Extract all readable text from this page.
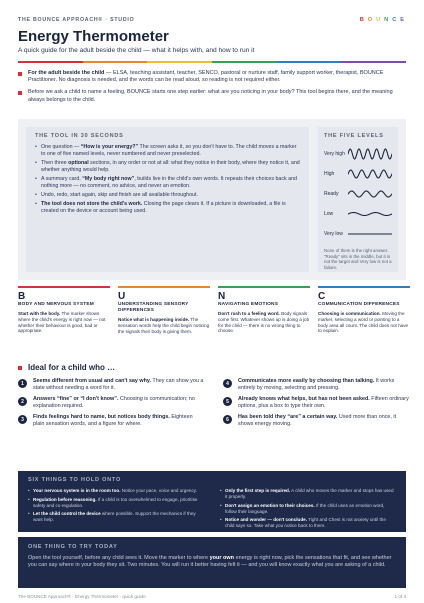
THE BOUNCE APPROACH® · STUDIO	B O U N C E
Energy Thermometer
A quick guide for the adult beside the child — what it helps with, and how to run it

For the adult beside the child — ELSA, teaching assistant, teacher, SENCO, pastoral or nurture staff, family support worker, therapist, BOUNCE Practitioner. No diagnosis is needed, and the words can be read aloud, so reading is not required either.

Before we ask a child to name a feeling, BOUNCE starts one step earlier: what are you noticing in your body? This tool begins there, and the meaning always belongs to the child.

THE TOOL IN 30 SECONDS
• One question — “How is your energy?” The screen asks it, so you don't have to. The child moves a marker to one of five named levels, never numbered and never preselected.
• Then three optional sections, in any order or not at all: what they notice in their body, where they notice it, and whether anything would help.
• A summary card, “My body right now”, builds live in the child's own words. It repeats their choices back and nothing more — no comment, no advice, and never an emotion.
• Undo, redo, start again, skip and finish are all available throughout.
• The tool does not store the child's work. Closing the page clears it. If a picture is downloaded, a file is created on the device or account being used.
THE FIVE LEVELS
Very high
High
Ready
Low
Very low
None of them is the right answer. "Ready" sits in the middle, but it is not the target and Very low is not a failure.
B
BODY AND NERVOUS SYSTEM

Start with the body. The marker shows where the child's energy is right now — not whether their behaviour is good, bad or appropriate.

U
UNDERSTANDING SENSORY DIFFERENCES

Notice what is happening inside. The sensation words help the child begin noticing the signals their body is giving them.

N
NAVIGATING EMOTIONS

Don't rush to a feeling word. Body signals come first. Whatever shows up is doing a job for the child — there is no wrong thing to choose.

C
COMMUNICATION DIFFERENCES

Choosing is communication. Moving the marker, selecting a word or pointing to a body area all count. The child does not have to explain.

Ideal for a child who …
1	Seems different from usual and can't say why. They can show you a state without needing a word for it.

4	Communicates more easily by choosing than talking. It works entirely by moving, selecting and pressing.

2	Answers “fine” or “I don't know”. Choosing is communication; no explanation required.

5	Already knows what helps, but has not been asked. Fifteen ordinary options, plus a box to type their own.

3	Finds feelings hard to name, but notices body things. Eighteen plain sensation words, and a figure for where.

6	Has been told they “are” a certain way. Used more than once, it shows energy moving.

SIX THINGS TO HOLD ONTO
• Your nervous system is in the room too. Notice your pace, voice and urgency.
• Regulation before reasoning. If a child is too overwhelmed to engage, prioritise safety and co-regulation.
• Let the child control the device where possible. Support the mechanics if they want help.
• Only the first step is required. A child who moves the marker and stops has used it properly.
• Don't assign an emotion to their choices. If the child uses an emotion word, follow their language.
• Notice and wonder — don't conclude. Tight and Chest is not anxiety until the child says so. Take what you notice back to them.
ONE THING TO TRY TODAY

Open the tool yourself, before any child sees it. Move the marker to where your own energy is right now, pick the sensations that fit, and see whether you can say where in your body they sit. Two minutes. You will run it better having felt it — and you will know exactly what you are asking of a child.

The BOUNCE Approach® · Energy Thermometer · quick guide	1 of 3
